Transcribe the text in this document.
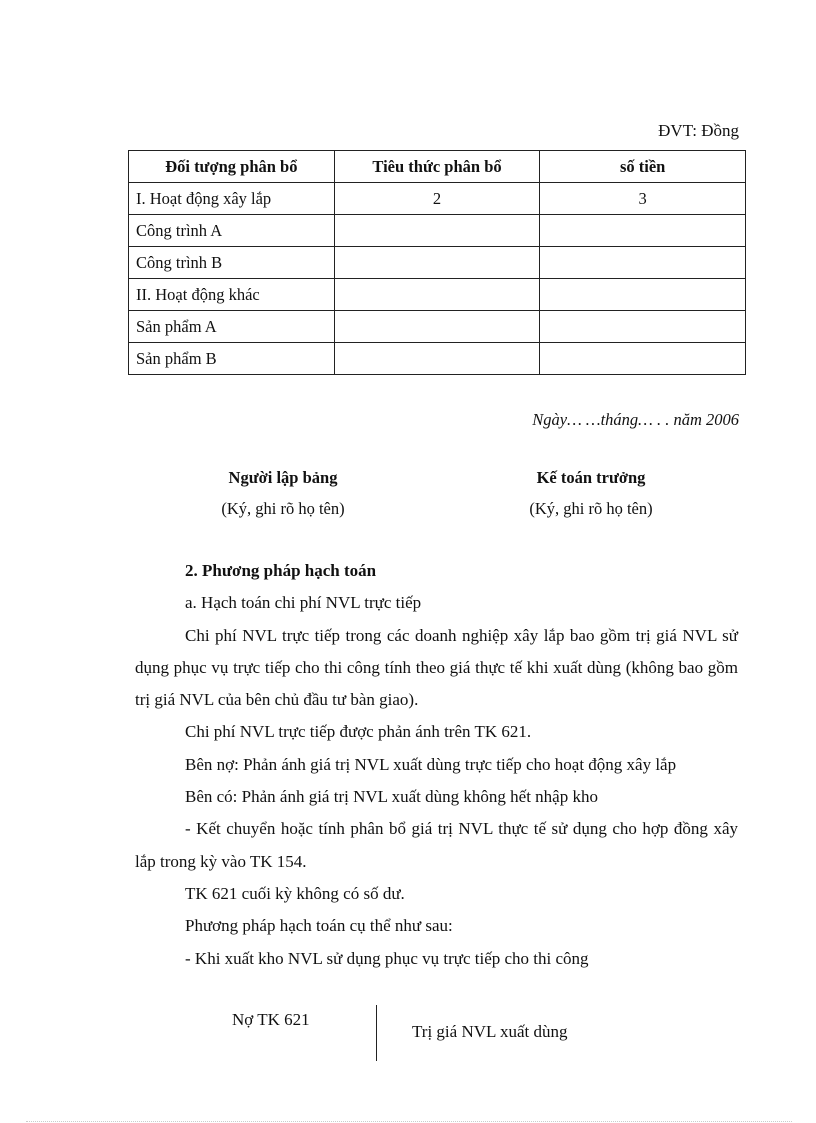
ĐVT: Đồng
Đối tượng phân bổ	Tiêu thức phân bổ	số tiền
I. Hoạt động xây lắp	2	3
Công trình A		
Công trình B		
II. Hoạt động khác		
Sản phẩm A		
Sản phẩm B		
Ngày… …tháng… . . năm 2006
Người lập bảng
(Ký, ghi rõ họ tên)
Kế toán trưởng
(Ký, ghi rõ họ tên)

2. Phương pháp hạch toán

a. Hạch toán chi phí NVL trực tiếp

Chi phí NVL trực tiếp trong các doanh nghiệp xây lắp bao gồm trị giá NVL sử dụng phục vụ trực tiếp cho thi công tính theo giá thực tế khi xuất dùng (không bao gồm trị giá NVL của bên chủ đầu tư bàn giao).

Chi phí NVL trực tiếp được phản ánh trên TK 621.

Bên nợ: Phản ánh giá trị NVL xuất dùng trực tiếp cho hoạt động xây lắp

Bên có: Phản ánh giá trị NVL xuất dùng không hết nhập kho

- Kết chuyển hoặc tính phân bổ giá trị NVL thực tế sử dụng cho hợp đồng xây lắp trong kỳ vào TK 154.

TK 621 cuối kỳ không có số dư.

Phương pháp hạch toán cụ thể như sau:

- Khi xuất kho NVL sử dụng phục vụ trực tiếp cho thi công

Nợ TK 621
Trị giá NVL xuất dùng
